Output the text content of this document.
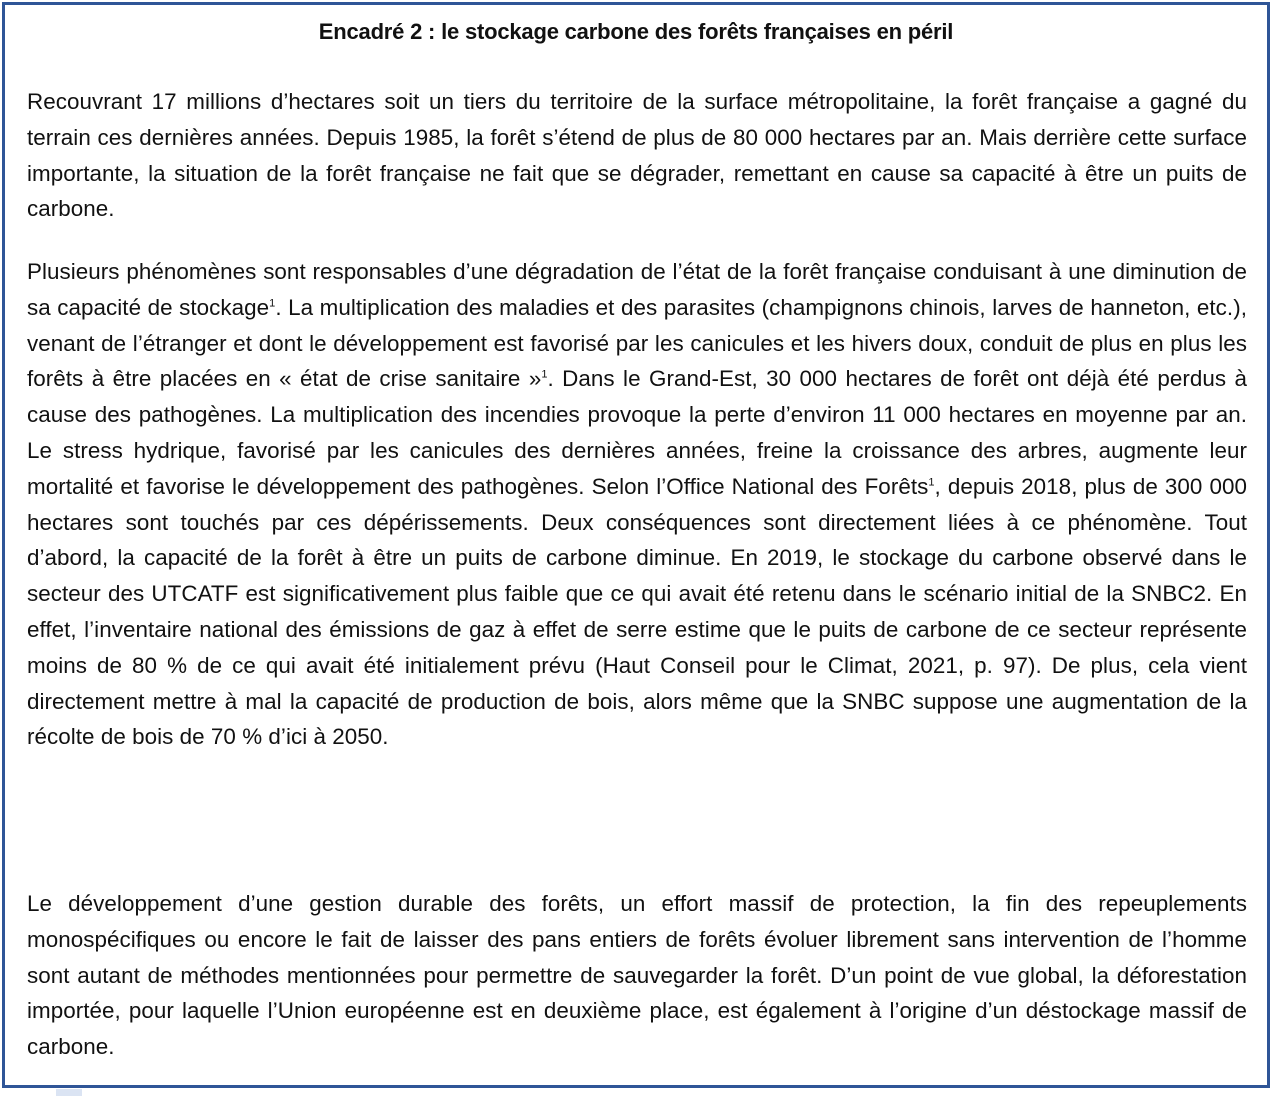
Encadré 2 : le stockage carbone des forêts françaises en péril

Recouvrant 17 millions d’hectares soit un tiers du territoire de la surface métropolitaine, la forêt française a gagné du terrain ces dernières années. Depuis 1985, la forêt s’étend de plus de 80 000 hectares par an. Mais derrière cette surface importante, la situation de la forêt française ne fait que se dégrader, remettant en cause sa capacité à être un puits de carbone.

Plusieurs phénomènes sont responsables d’une dégradation de l’état de la forêt française conduisant à une diminution de sa capacité de stockage$^1$. La multiplication des maladies et des parasites (champignons chinois, larves de hanneton, etc.), venant de l’étranger et dont le développement est favorisé par les canicules et les hivers doux, conduit de plus en plus les forêts à être placées en « état de crise sanitaire »$^1$. Dans le Grand-Est, 30 000 hectares de forêt ont déjà été perdus à cause des pathogènes. La multiplication des incendies provoque la perte d’environ 11 000 hectares en moyenne par an. Le stress hydrique, favorisé par les canicules des dernières années, freine la croissance des arbres, augmente leur mortalité et favorise le développement des pathogènes. Selon l’Office National des Forêts$^1$, depuis 2018, plus de 300 000 hectares sont touchés par ces dépérissements. Deux conséquences sont directement liées à ce phénomène. Tout d’abord, la capacité de la forêt à être un puits de carbone diminue. En 2019, le stockage du carbone observé dans le secteur des UTCATF est significativement plus faible que ce qui avait été retenu dans le scénario initial de la SNBC2. En effet, l’inventaire national des émissions de gaz à effet de serre estime que le puits de carbone de ce secteur représente moins de 80 % de ce qui avait été initialement prévu (Haut Conseil pour le Climat, 2021, p. 97). De plus, cela vient directement mettre à mal la capacité de production de bois, alors même que la SNBC suppose une augmentation de la récolte de bois de 70 % d’ici à 2050.

Le développement d’une gestion durable des forêts, un effort massif de protection, la fin des repeuplements monospécifiques ou encore le fait de laisser des pans entiers de forêts évoluer librement sans intervention de l’homme sont autant de méthodes mentionnées pour permettre de sauvegarder la forêt. D’un point de vue global, la déforestation importée, pour laquelle l’Union européenne est en deuxième place, est également à l’origine d’un déstockage massif de carbone.
